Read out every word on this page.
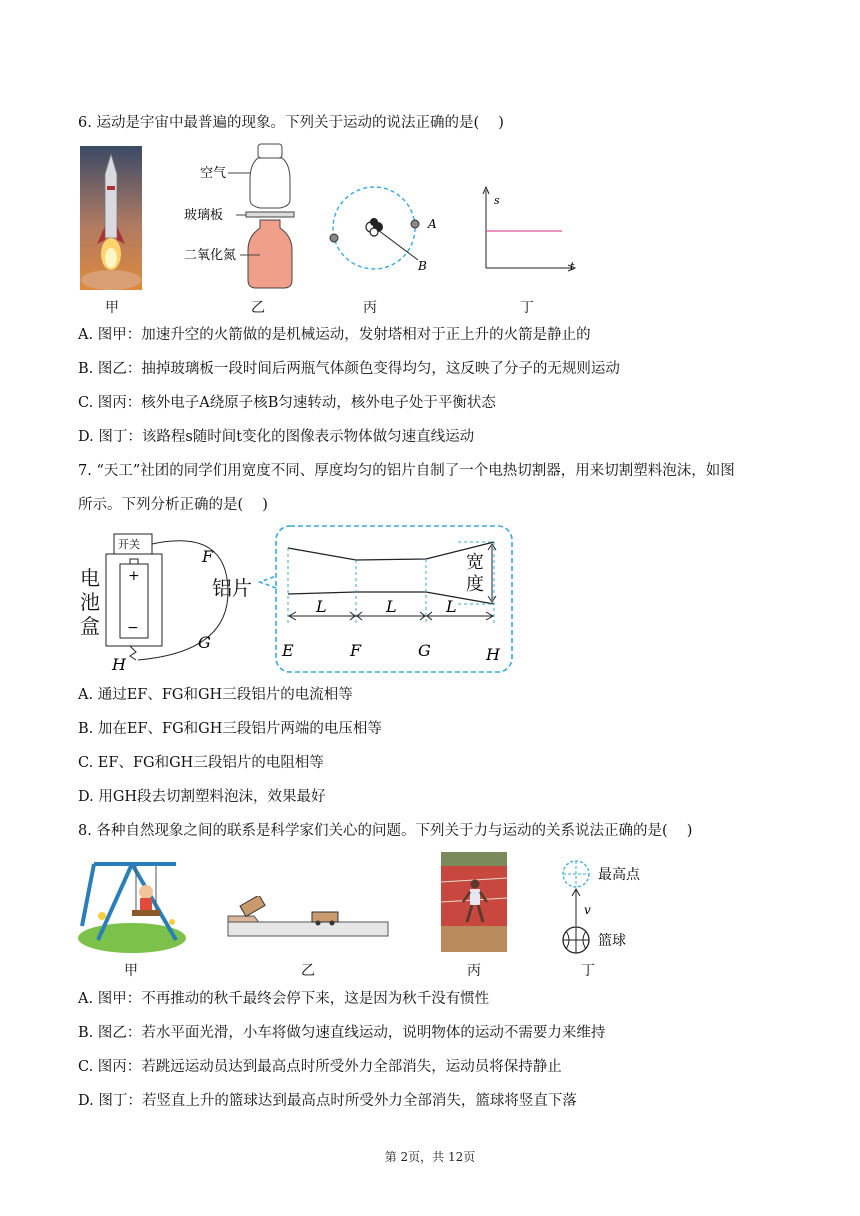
6. 运动是宇宙中最普遍的现象。下列关于运动的说法正确的是(　 )
甲
空气
玻璃板
二氧化氮
乙
A
B
丙
s
t
丁
A. 图甲：加速升空的火箭做的是机械运动，发射塔相对于正上升的火箭是静止的
B. 图乙：抽掉玻璃板一段时间后两瓶气体颜色变得均匀，这反映了分子的无规则运动
C. 图丙：核外电子A绕原子核B匀速转动，核外电子处于平衡状态
D. 图丁：该路程s随时间t变化的图像表示物体做匀速直线运动
7. “天工”社团的同学们用宽度不同、厚度均匀的铝片自制了一个电热切割器，用来切割塑料泡沫，如图
所示。下列分析正确的是(　 )
+
−
开关
F
G
H
电池盒
铝片
L	L	L
E	F	G	H
宽度
A. 通过EF、FG和GH三段铝片的电流相等
B. 加在EF、FG和GH三段铝片两端的电压相等
C. EF、FG和GH三段铝片的电阻相等
D. 用GH段去切割塑料泡沫，效果最好
8. 各种自然现象之间的联系是科学家们关心的问题。下列关于力与运动的关系说法正确的是(　 )
甲	乙	丙
v
最高点
篮球
丁
A. 图甲：不再推动的秋千最终会停下来，这是因为秋千没有惯性
B. 图乙：若水平面光滑，小车将做匀速直线运动，说明物体的运动不需要力来维持
C. 图丙：若跳远运动员达到最高点时所受外力全部消失，运动员将保持静止
D. 图丁：若竖直上升的篮球达到最高点时所受外力全部消失，篮球将竖直下落
第 2页，共 12页
